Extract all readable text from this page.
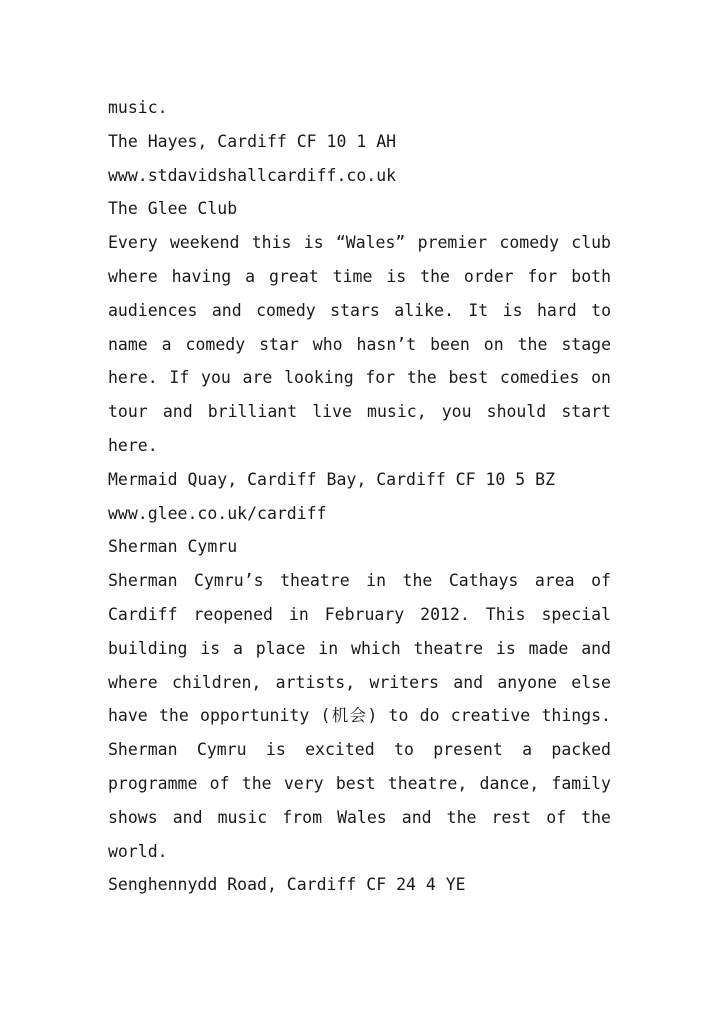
music.
The Hayes, Cardiff CF 10 1 AH
www.stdavidshallcardiff.co.uk
The Glee Club
Every weekend this is “Wales” premier comedy club
where having a great time is the order for both
audiences and comedy stars alike. It is hard to
name a comedy star who hasn’t been on the stage
here. If you are looking for the best comedies on
tour and brilliant live music, you should start
here.
Mermaid Quay, Cardiff Bay, Cardiff CF 10 5 BZ
www.glee.co.uk/cardiff
Sherman Cymru
Sherman Cymru’s theatre in the Cathays area of
Cardiff reopened in February 2012. This special
building is a place in which theatre is made and
where children, artists, writers and anyone else
have the opportunity (机会) to do creative things.
Sherman Cymru is excited to present a packed
programme of the very best theatre, dance, family
shows and music from Wales and the rest of the
world.
Senghennydd Road, Cardiff CF 24 4 YE
